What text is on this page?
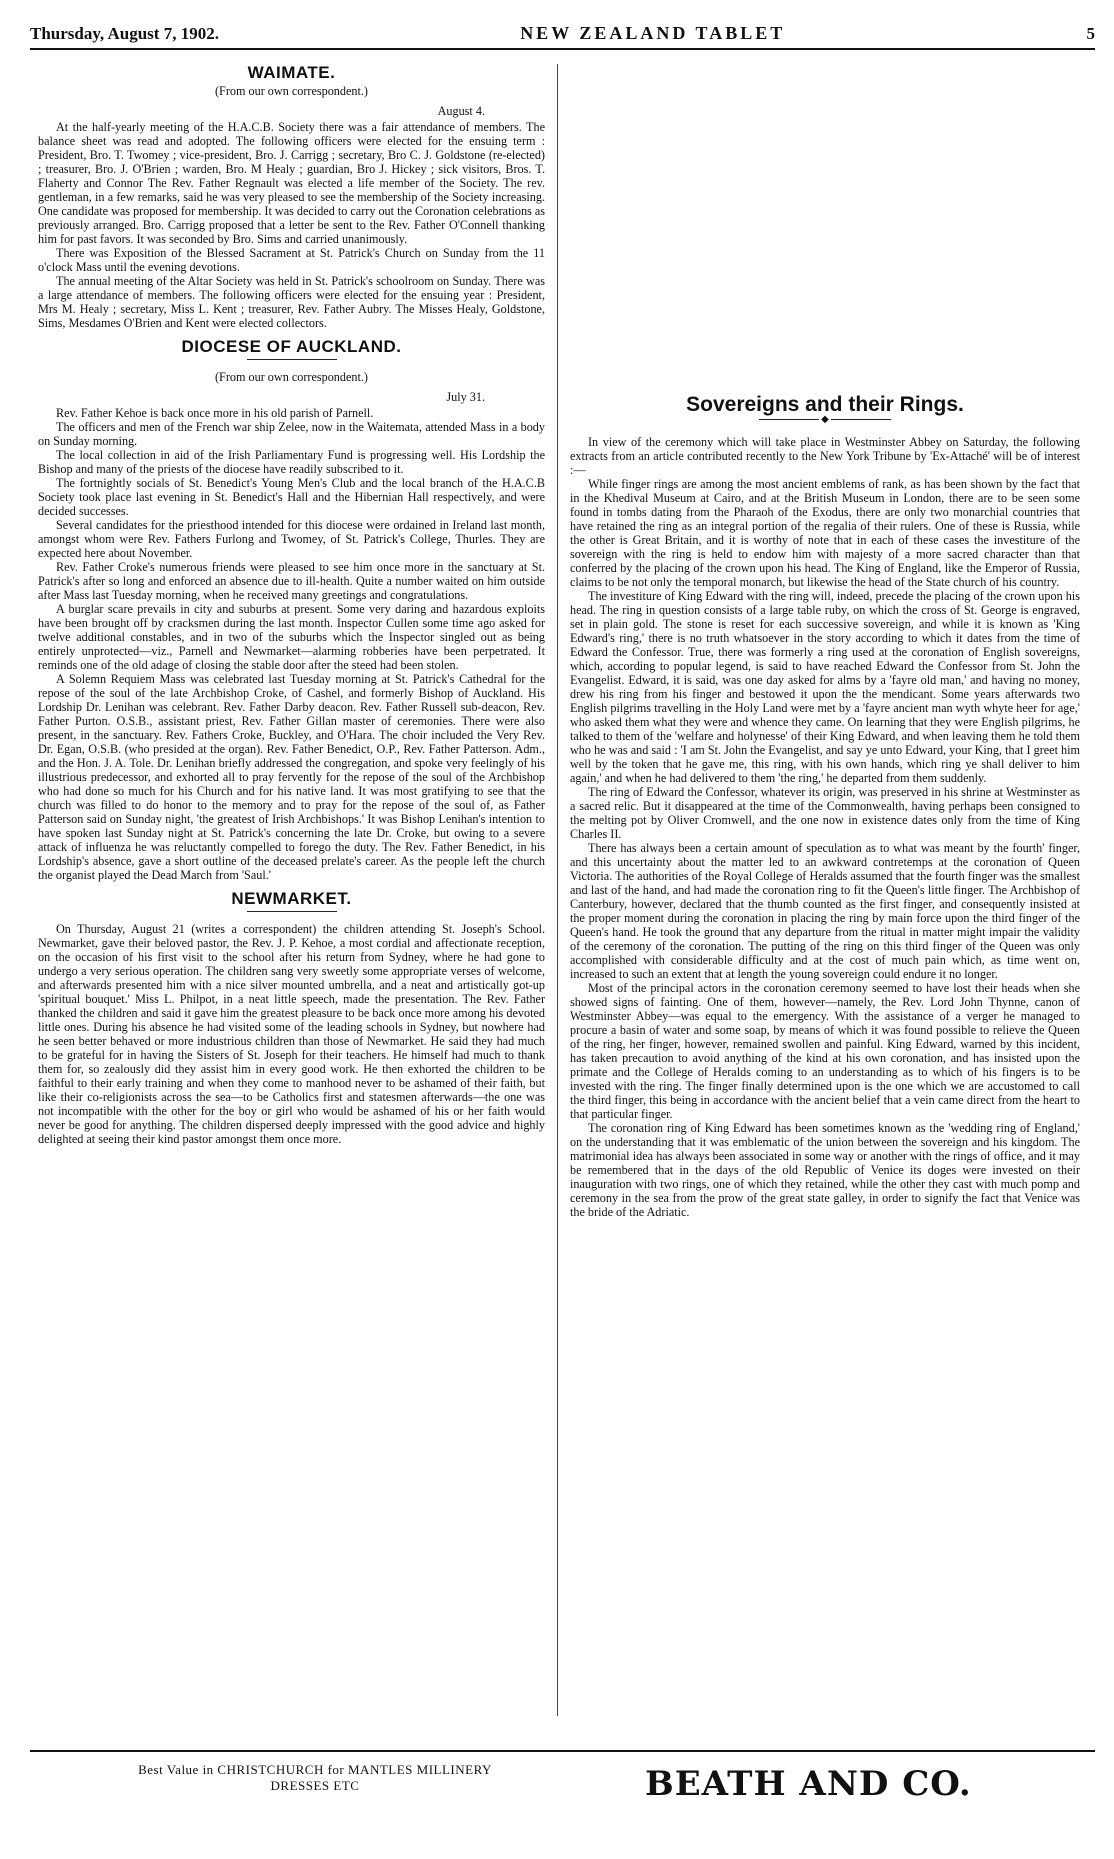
Thursday, August 7, 1902.	NEW ZEALAND TABLET	5
WAIMATE.
(From our own correspondent.)
August 4.

At the half-yearly meeting of the H.A.C.B. Society there was a fair attendance of members. The balance sheet was read and adopted. The following officers were elected for the ensuing term : President, Bro. T. Twomey ; vice-president, Bro. J. Carrigg ; secretary, Bro C. J. Goldstone (re-elected) ; treasurer, Bro. J. O'Brien ; warden, Bro. M Healy ; guardian, Bro J. Hickey ; sick visitors, Bros. T. Flaherty and Connor The Rev. Father Regnault was elected a life member of the Society. The rev. gentleman, in a few remarks, said he was very pleased to see the membership of the Society increasing. One candidate was proposed for membership. It was decided to carry out the Coronation celebrations as previously arranged. Bro. Carrigg proposed that a letter be sent to the Rev. Father O'Connell thanking him for past favors. It was seconded by Bro. Sims and carried unanimously.

There was Exposition of the Blessed Sacrament at St. Patrick's Church on Sunday from the 11 o'clock Mass until the evening devotions.

The annual meeting of the Altar Society was held in St. Patrick's schoolroom on Sunday. There was a large attendance of members. The following officers were elected for the ensuing year : President, Mrs M. Healy ; secretary, Miss L. Kent ; treasurer, Rev. Father Aubry. The Misses Healy, Goldstone, Sims, Mesdames O'Brien and Kent were elected collectors.

DIOCESE OF AUCKLAND.
(From our own correspondent.)
July 31.

Rev. Father Kehoe is back once more in his old parish of Parnell.

The officers and men of the French war ship Zelee, now in the Waitemata, attended Mass in a body on Sunday morning.

The local collection in aid of the Irish Parliamentary Fund is progressing well. His Lordship the Bishop and many of the priests of the diocese have readily subscribed to it.

The fortnightly socials of St. Benedict's Young Men's Club and the local branch of the H.A.C.B Society took place last evening in St. Benedict's Hall and the Hibernian Hall respectively, and were decided successes.

Several candidates for the priesthood intended for this diocese were ordained in Ireland last month, amongst whom were Rev. Fathers Furlong and Twomey, of St. Patrick's College, Thurles. They are expected here about November.

Rev. Father Croke's numerous friends were pleased to see him once more in the sanctuary at St. Patrick's after so long and enforced an absence due to ill-health. Quite a number waited on him outside after Mass last Tuesday morning, when he received many greetings and congratulations.

A burglar scare prevails in city and suburbs at present. Some very daring and hazardous exploits have been brought off by cracksmen during the last month. Inspector Cullen some time ago asked for twelve additional constables, and in two of the suburbs which the Inspector singled out as being entirely unprotected—viz., Parnell and Newmarket—alarming robberies have been perpetrated. It reminds one of the old adage of closing the stable door after the steed had been stolen.

A Solemn Requiem Mass was celebrated last Tuesday morning at St. Patrick's Cathedral for the repose of the soul of the late Archbishop Croke, of Cashel, and formerly Bishop of Auckland. His Lordship Dr. Lenihan was celebrant. Rev. Father Darby deacon. Rev. Father Russell sub-deacon, Rev. Father Purton. O.S.B., assistant priest, Rev. Father Gillan master of ceremonies. There were also present, in the sanctuary. Rev. Fathers Croke, Buckley, and O'Hara. The choir included the Very Rev. Dr. Egan, O.S.B. (who presided at the organ). Rev. Father Benedict, O.P., Rev. Father Patterson. Adm., and the Hon. J. A. Tole. Dr. Lenihan briefly addressed the congregation, and spoke very feelingly of his illustrious predecessor, and exhorted all to pray fervently for the repose of the soul of the Archbishop who had done so much for his Church and for his native land. It was most gratifying to see that the church was filled to do honor to the memory and to pray for the repose of the soul of, as Father Patterson said on Sunday night, 'the greatest of Irish Archbishops.' It was Bishop Lenihan's intention to have spoken last Sunday night at St. Patrick's concerning the late Dr. Croke, but owing to a severe attack of influenza he was reluctantly compelled to forego the duty. The Rev. Father Benedict, in his Lordship's absence, gave a short outline of the deceased prelate's career. As the people left the church the organist played the Dead March from 'Saul.'

NEWMARKET.

On Thursday, August 21 (writes a correspondent) the children attending St. Joseph's School. Newmarket, gave their beloved pastor, the Rev. J. P. Kehoe, a most cordial and affectionate reception, on the occasion of his first visit to the school after his return from Sydney, where he had gone to undergo a very serious operation. The children sang very sweetly some appropriate verses of welcome, and afterwards presented him with a nice silver mounted umbrella, and a neat and artistically got-up 'spiritual bouquet.' Miss L. Philpot, in a neat little speech, made the presentation. The Rev. Father thanked the children and said it gave him the greatest pleasure to be back once more among his devoted little ones. During his absence he had visited some of the leading schools in Sydney, but nowhere had he seen better behaved or more industrious children than those of Newmarket. He said they had much to be grateful for in having the Sisters of St. Joseph for their teachers. He himself had much to thank them for, so zealously did they assist him in every good work. He then exhorted the children to be faithful to their early training and when they come to manhood never to be ashamed of their faith, but like their co-religionists across the sea—to be Catholics first and statesmen afterwards—the one was not incompatible with the other for the boy or girl who would be ashamed of his or her faith would never be good for anything. The children dispersed deeply impressed with the good advice and highly delighted at seeing their kind pastor amongst them once more.

Sovereigns and their Rings.
◆

In view of the ceremony which will take place in Westminster Abbey on Saturday, the following extracts from an article contributed recently to the New York Tribune by 'Ex-Attaché' will be of interest :—

While finger rings are among the most ancient emblems of rank, as has been shown by the fact that in the Khedival Museum at Cairo, and at the British Museum in London, there are to be seen some found in tombs dating from the Pharaoh of the Exodus, there are only two monarchial countries that have retained the ring as an integral portion of the regalia of their rulers. One of these is Russia, while the other is Great Britain, and it is worthy of note that in each of these cases the investiture of the sovereign with the ring is held to endow him with majesty of a more sacred character than that conferred by the placing of the crown upon his head. The King of England, like the Emperor of Russia, claims to be not only the temporal monarch, but likewise the head of the State church of his country.

The investiture of King Edward with the ring will, indeed, precede the placing of the crown upon his head. The ring in question consists of a large table ruby, on which the cross of St. George is engraved, set in plain gold. The stone is reset for each successive sovereign, and while it is known as 'King Edward's ring,' there is no truth whatsoever in the story according to which it dates from the time of Edward the Confessor. True, there was formerly a ring used at the coronation of English sovereigns, which, according to popular legend, is said to have reached Edward the Confessor from St. John the Evangelist. Edward, it is said, was one day asked for alms by a 'fayre old man,' and having no money, drew his ring from his finger and bestowed it upon the the mendicant. Some years afterwards two English pilgrims travelling in the Holy Land were met by a 'fayre ancient man wyth whyte heer for age,' who asked them what they were and whence they came. On learning that they were English pilgrims, he talked to them of the 'welfare and holynesse' of their King Edward, and when leaving them he told them who he was and said : 'I am St. John the Evangelist, and say ye unto Edward, your King, that I greet him well by the token that he gave me, this ring, with his own hands, which ring ye shall deliver to him again,' and when he had delivered to them 'the ring,' he departed from them suddenly.

The ring of Edward the Confessor, whatever its origin, was preserved in his shrine at Westminster as a sacred relic. But it disappeared at the time of the Commonwealth, having perhaps been consigned to the melting pot by Oliver Cromwell, and the one now in existence dates only from the time of King Charles II.

There has always been a certain amount of speculation as to what was meant by the fourth' finger, and this uncertainty about the matter led to an awkward contretemps at the coronation of Queen Victoria. The authorities of the Royal College of Heralds assumed that the fourth finger was the smallest and last of the hand, and had made the coronation ring to fit the Queen's little finger. The Archbishop of Canterbury, however, declared that the thumb counted as the first finger, and consequently insisted at the proper moment during the coronation in placing the ring by main force upon the third finger of the Queen's hand. He took the ground that any departure from the ritual in matter might impair the validity of the ceremony of the coronation. The putting of the ring on this third finger of the Queen was only accomplished with considerable difficulty and at the cost of much pain which, as time went on, increased to such an extent that at length the young sovereign could endure it no longer.

Most of the principal actors in the coronation ceremony seemed to have lost their heads when she showed signs of fainting. One of them, however—namely, the Rev. Lord John Thynne, canon of Westminster Abbey—was equal to the emergency. With the assistance of a verger he managed to procure a basin of water and some soap, by means of which it was found possible to relieve the Queen of the ring, her finger, however, remained swollen and painful. King Edward, warned by this incident, has taken precaution to avoid anything of the kind at his own coronation, and has insisted upon the primate and the College of Heralds coming to an understanding as to which of his fingers is to be invested with the ring. The finger finally determined upon is the one which we are accustomed to call the third finger, this being in accordance with the ancient belief that a vein came direct from the heart to that particular finger.

The coronation ring of King Edward has been sometimes known as the 'wedding ring of England,' on the understanding that it was emblematic of the union between the sovereign and his kingdom. The matrimonial idea has always been associated in some way or another with the rings of office, and it may be remembered that in the days of the old Republic of Venice its doges were invested on their inauguration with two rings, one of which they retained, while the other they cast with much pomp and ceremony in the sea from the prow of the great state galley, in order to signify the fact that Venice was the bride of the Adriatic.

Best Value in CHRISTCHURCH for MANTLES MILLINERY
DRESSES ETC	BEATH AND CO.
